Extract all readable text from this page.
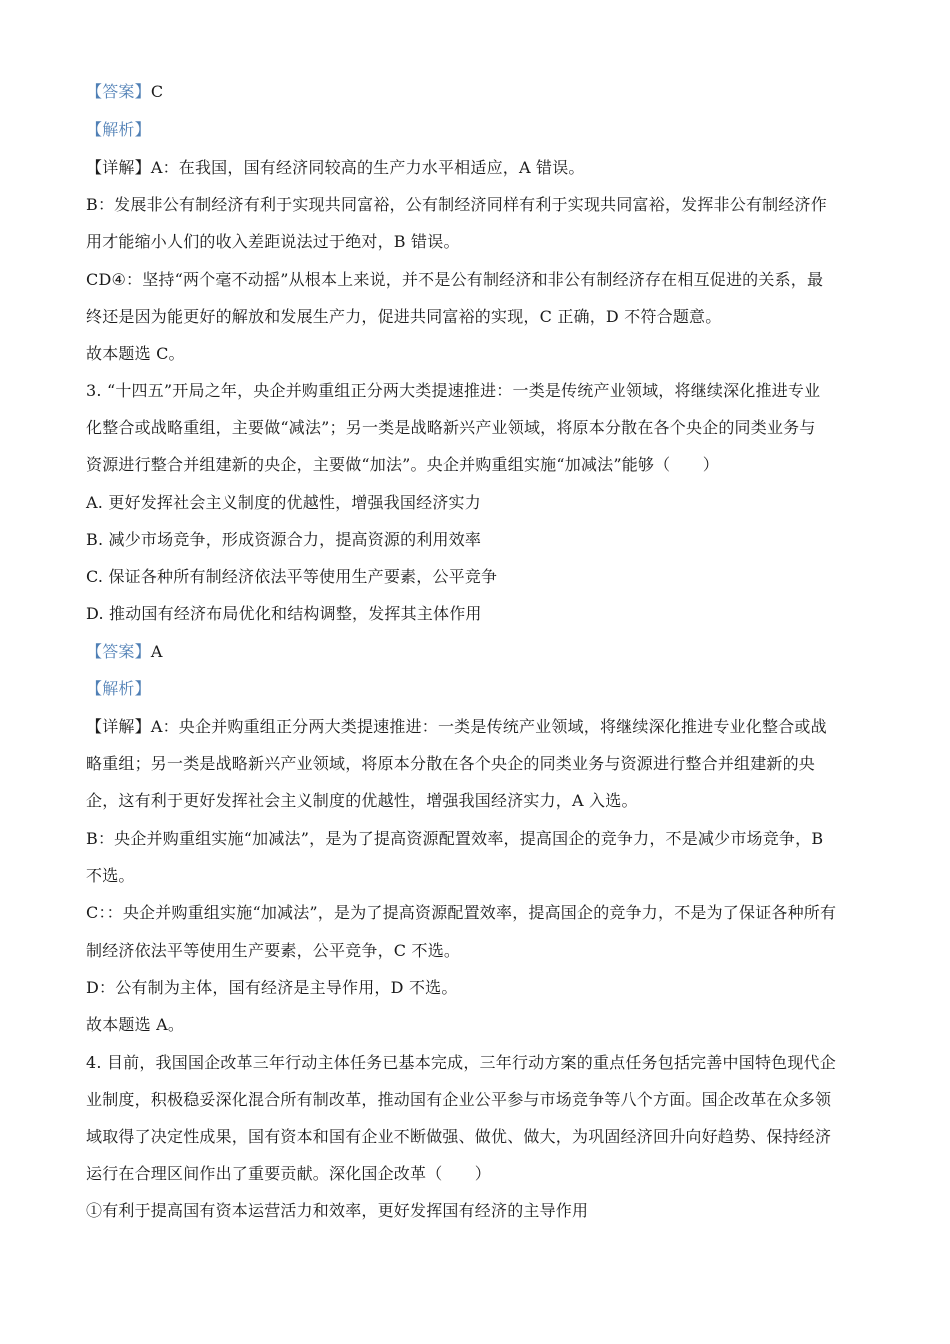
【答案】C
【解析】
【详解】A：在我国，国有经济同较高的生产力水平相适应，A 错误。
B：发展非公有制经济有利于实现共同富裕，公有制经济同样有利于实现共同富裕，发挥非公有制经济作
用才能缩小人们的收入差距说法过于绝对，B 错误。
CD④：坚持“两个毫不动摇”从根本上来说，并不是公有制经济和非公有制经济存在相互促进的关系，最
终还是因为能更好的解放和发展生产力，促进共同富裕的实现，C 正确，D 不符合题意。
故本题选 C。
3. “十四五”开局之年，央企并购重组正分两大类提速推进：一类是传统产业领域，将继续深化推进专业
化整合或战略重组，主要做“减法”；另一类是战略新兴产业领域，将原本分散在各个央企的同类业务与
资源进行整合并组建新的央企，主要做“加法”。央企并购重组实施“加减法”能够（　　）
A. 更好发挥社会主义制度的优越性，增强我国经济实力
B. 减少市场竞争，形成资源合力，提高资源的利用效率
C. 保证各种所有制经济依法平等使用生产要素，公平竞争
D. 推动国有经济布局优化和结构调整，发挥其主体作用
【答案】A
【解析】
【详解】A：央企并购重组正分两大类提速推进：一类是传统产业领域，将继续深化推进专业化整合或战
略重组；另一类是战略新兴产业领域，将原本分散在各个央企的同类业务与资源进行整合并组建新的央
企，这有利于更好发挥社会主义制度的优越性，增强我国经济实力，A 入选。
B：央企并购重组实施“加减法”，是为了提高资源配置效率，提高国企的竞争力，不是减少市场竞争，B
不选。
C：：央企并购重组实施“加减法”，是为了提高资源配置效率，提高国企的竞争力，不是为了保证各种所有
制经济依法平等使用生产要素，公平竞争，C 不选。
D：公有制为主体，国有经济是主导作用，D 不选。
故本题选 A。
4. 目前，我国国企改革三年行动主体任务已基本完成，三年行动方案的重点任务包括完善中国特色现代企
业制度，积极稳妥深化混合所有制改革，推动国有企业公平参与市场竞争等八个方面。国企改革在众多领
域取得了决定性成果，国有资本和国有企业不断做强、做优、做大，为巩固经济回升向好趋势、保持经济
运行在合理区间作出了重要贡献。深化国企改革（　　）
①有利于提高国有资本运营活力和效率，更好发挥国有经济的主导作用
